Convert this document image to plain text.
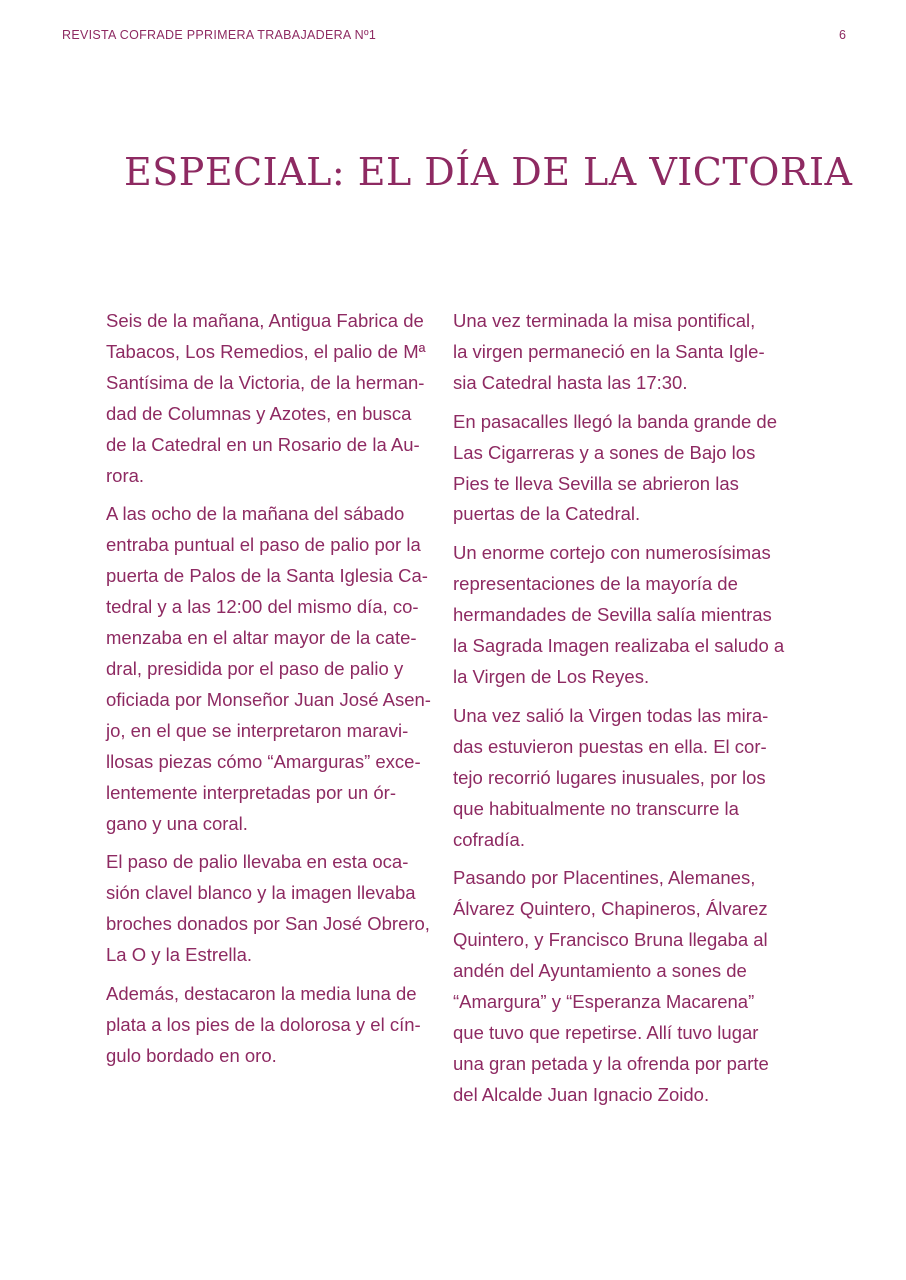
REVISTA COFRADE PPRIMERA TRABAJADERA Nº1	6
ESPECIAL: EL DÍA DE LA VICTORIA

Seis de la mañana, Antigua Fabrica de
Tabacos, Los Remedios, el palio de Mª
Santísima de la Victoria, de la herman-
dad de Columnas y Azotes, en busca
de la Catedral en un Rosario de la Au-
rora.

A las ocho de la mañana del sábado
entraba puntual el paso de palio por la
puerta de Palos de la Santa Iglesia Ca-
tedral y a las 12:00 del mismo día, co-
menzaba en el altar mayor de la cate-
dral, presidida por el paso de palio y
oficiada por Monseñor Juan José Asen-
jo, en el que se interpretaron maravi-
llosas piezas cómo “Amarguras” exce-
lentemente interpretadas por un ór-
gano y una coral.

El paso de palio llevaba en esta oca-
sión clavel blanco y la imagen llevaba
broches donados por San José Obrero,
La O y la Estrella.

Además, destacaron la media luna de
plata a los pies de la dolorosa y el cín-
gulo bordado en oro.

Una vez terminada la misa pontifical,
la virgen permaneció en la Santa Igle-
sia Catedral hasta las 17:30.

En pasacalles llegó la banda grande de
Las Cigarreras y a sones de Bajo los
Pies te lleva Sevilla se abrieron las
puertas de la Catedral.

Un enorme cortejo con numerosísimas
representaciones de la mayoría de
hermandades de Sevilla salía mientras
la Sagrada Imagen realizaba el saludo a
la Virgen de Los Reyes.

Una vez salió la Virgen todas las mira-
das estuvieron puestas en ella. El cor-
tejo recorrió lugares inusuales, por los
que habitualmente no transcurre la
cofradía.

Pasando por Placentines, Alemanes,
Álvarez Quintero, Chapineros, Álvarez
Quintero, y Francisco Bruna llegaba al
andén del Ayuntamiento a sones de
“Amargura” y “Esperanza Macarena”
que tuvo que repetirse. Allí tuvo lugar
una gran petada y la ofrenda por parte
del Alcalde Juan Ignacio Zoido.
